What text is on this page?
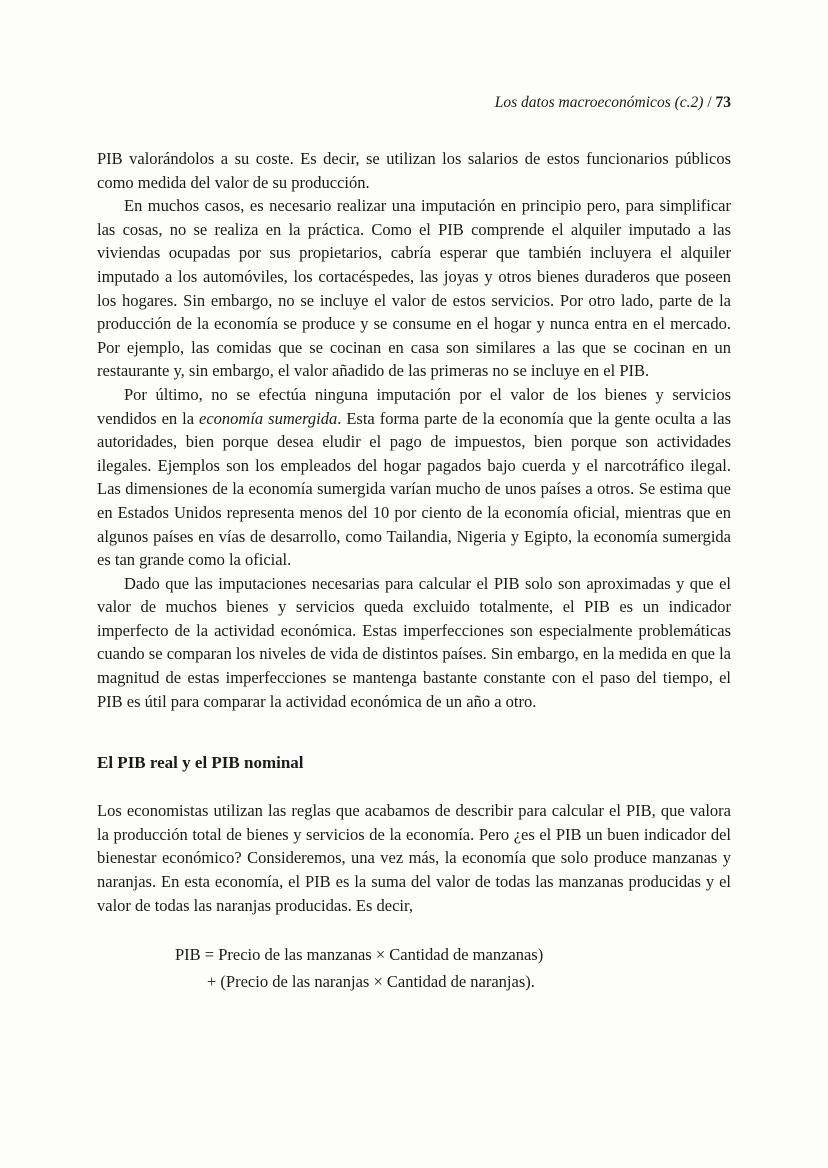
Los datos macroeconómicos (c.2) / 73

PIB valorándolos a su coste. Es decir, se utilizan los salarios de estos funcionarios públicos como medida del valor de su producción.

En muchos casos, es necesario realizar una imputación en principio pero, para simplificar las cosas, no se realiza en la práctica. Como el PIB comprende el alquiler imputado a las viviendas ocupadas por sus propietarios, cabría esperar que también incluyera el alquiler imputado a los automóviles, los cortacéspedes, las joyas y otros bienes duraderos que poseen los hogares. Sin embargo, no se incluye el valor de estos servicios. Por otro lado, parte de la producción de la economía se produce y se consume en el hogar y nunca entra en el mercado. Por ejemplo, las comidas que se cocinan en casa son similares a las que se cocinan en un restaurante y, sin embargo, el valor añadido de las primeras no se incluye en el PIB.

Por último, no se efectúa ninguna imputación por el valor de los bienes y servicios vendidos en la economía sumergida. Esta forma parte de la economía que la gente oculta a las autoridades, bien porque desea eludir el pago de impuestos, bien porque son actividades ilegales. Ejemplos son los empleados del hogar pagados bajo cuerda y el narcotráfico ilegal. Las dimensiones de la economía sumergida varían mucho de unos países a otros. Se estima que en Estados Unidos representa menos del 10 por ciento de la economía oficial, mientras que en algunos países en vías de desarrollo, como Tailandia, Nigeria y Egipto, la economía sumergida es tan grande como la oficial.

Dado que las imputaciones necesarias para calcular el PIB solo son aproximadas y que el valor de muchos bienes y servicios queda excluido totalmente, el PIB es un indicador imperfecto de la actividad económica. Estas imperfecciones son especialmente problemáticas cuando se comparan los niveles de vida de distintos países. Sin embargo, en la medida en que la magnitud de estas imperfecciones se mantenga bastante constante con el paso del tiempo, el PIB es útil para comparar la actividad económica de un año a otro.

El PIB real y el PIB nominal

Los economistas utilizan las reglas que acabamos de describir para calcular el PIB, que valora la producción total de bienes y servicios de la economía. Pero ¿es el PIB un buen indicador del bienestar económico? Consideremos, una vez más, la economía que solo produce manzanas y naranjas. En esta economía, el PIB es la suma del valor de todas las manzanas producidas y el valor de todas las naranjas producidas. Es decir,

PIB = Precio de las manzanas × Cantidad de manzanas)
+ (Precio de las naranjas × Cantidad de naranjas).
